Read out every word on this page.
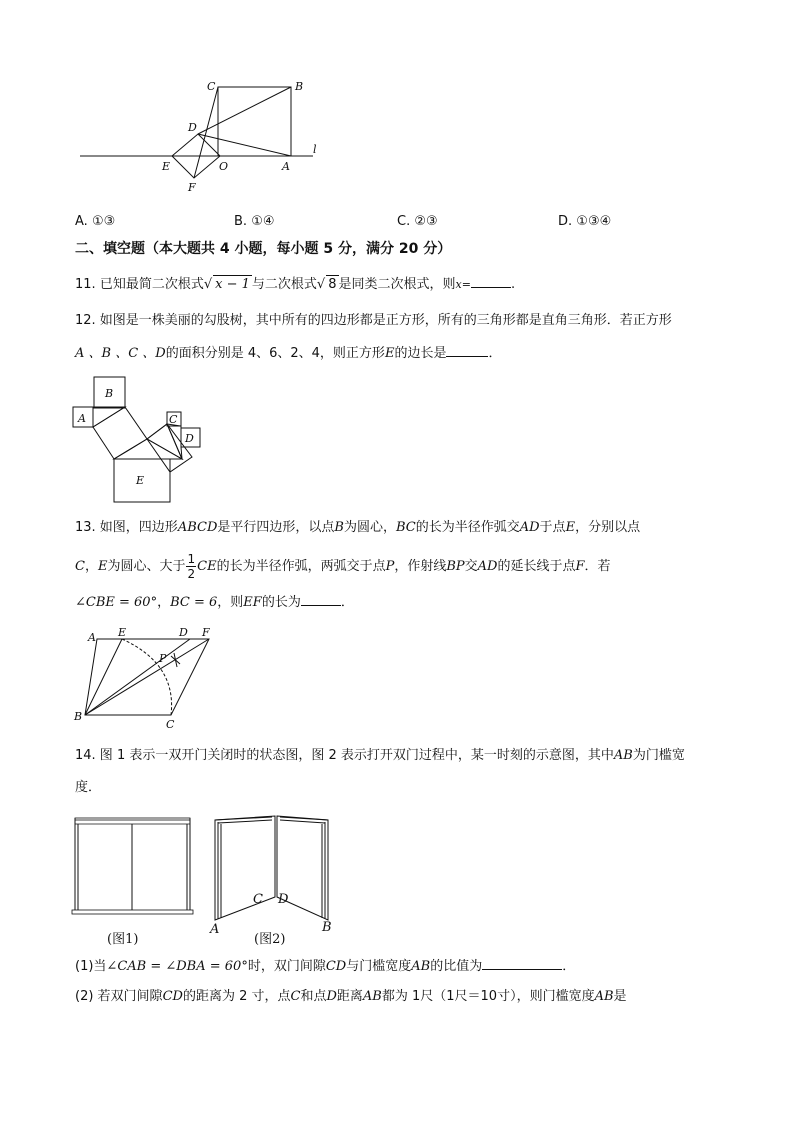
C	B
D
l
E	O	A
F
A. ①③	B. ①④	C. ②③	D. ①③④
二、填空题（本大题共 4 小题，每小题 5 分，满分 20 分）
11. 已知最简二次根式√ x − 1 与二次根式√ 8 是同类二次根式，则x=	.
12. 如图是一株美丽的勾股树，其中所有的四边形都是正方形，所有的三角形都是直角三角形．若正方形
A 、B 、C 、D的面积分别是 4、6、2、4，则正方形E的边长是	．
B
A	C
D
E
13. 如图，四边形ABCD是平行四边形，以点B为圆心，BC的长为半径作弧交AD于点E，分别以点
C，E为圆心、大于 $\frac{1}{2}$ CE的长为半径作弧，两弧交于点P，作射线BP交AD的延长线于点F．若
∠CBE = 60°，BC = 6，则EF的长为	．
A E	D F
P
B
C
14. 图 1 表示一双开门关闭时的状态图，图 2 表示打开双门过程中，某一时刻的示意图，其中AB为门槛宽
度．
(图1)
C D
A	B
(图2)
(1)当∠CAB = ∠DBA = 60°时，双门间隙CD与门槛宽度AB的比值为	．
(2) 若双门间隙CD的距离为 2 寸，点C和点D距离AB都为 1尺（1尺＝10寸），则门槛宽度AB是
